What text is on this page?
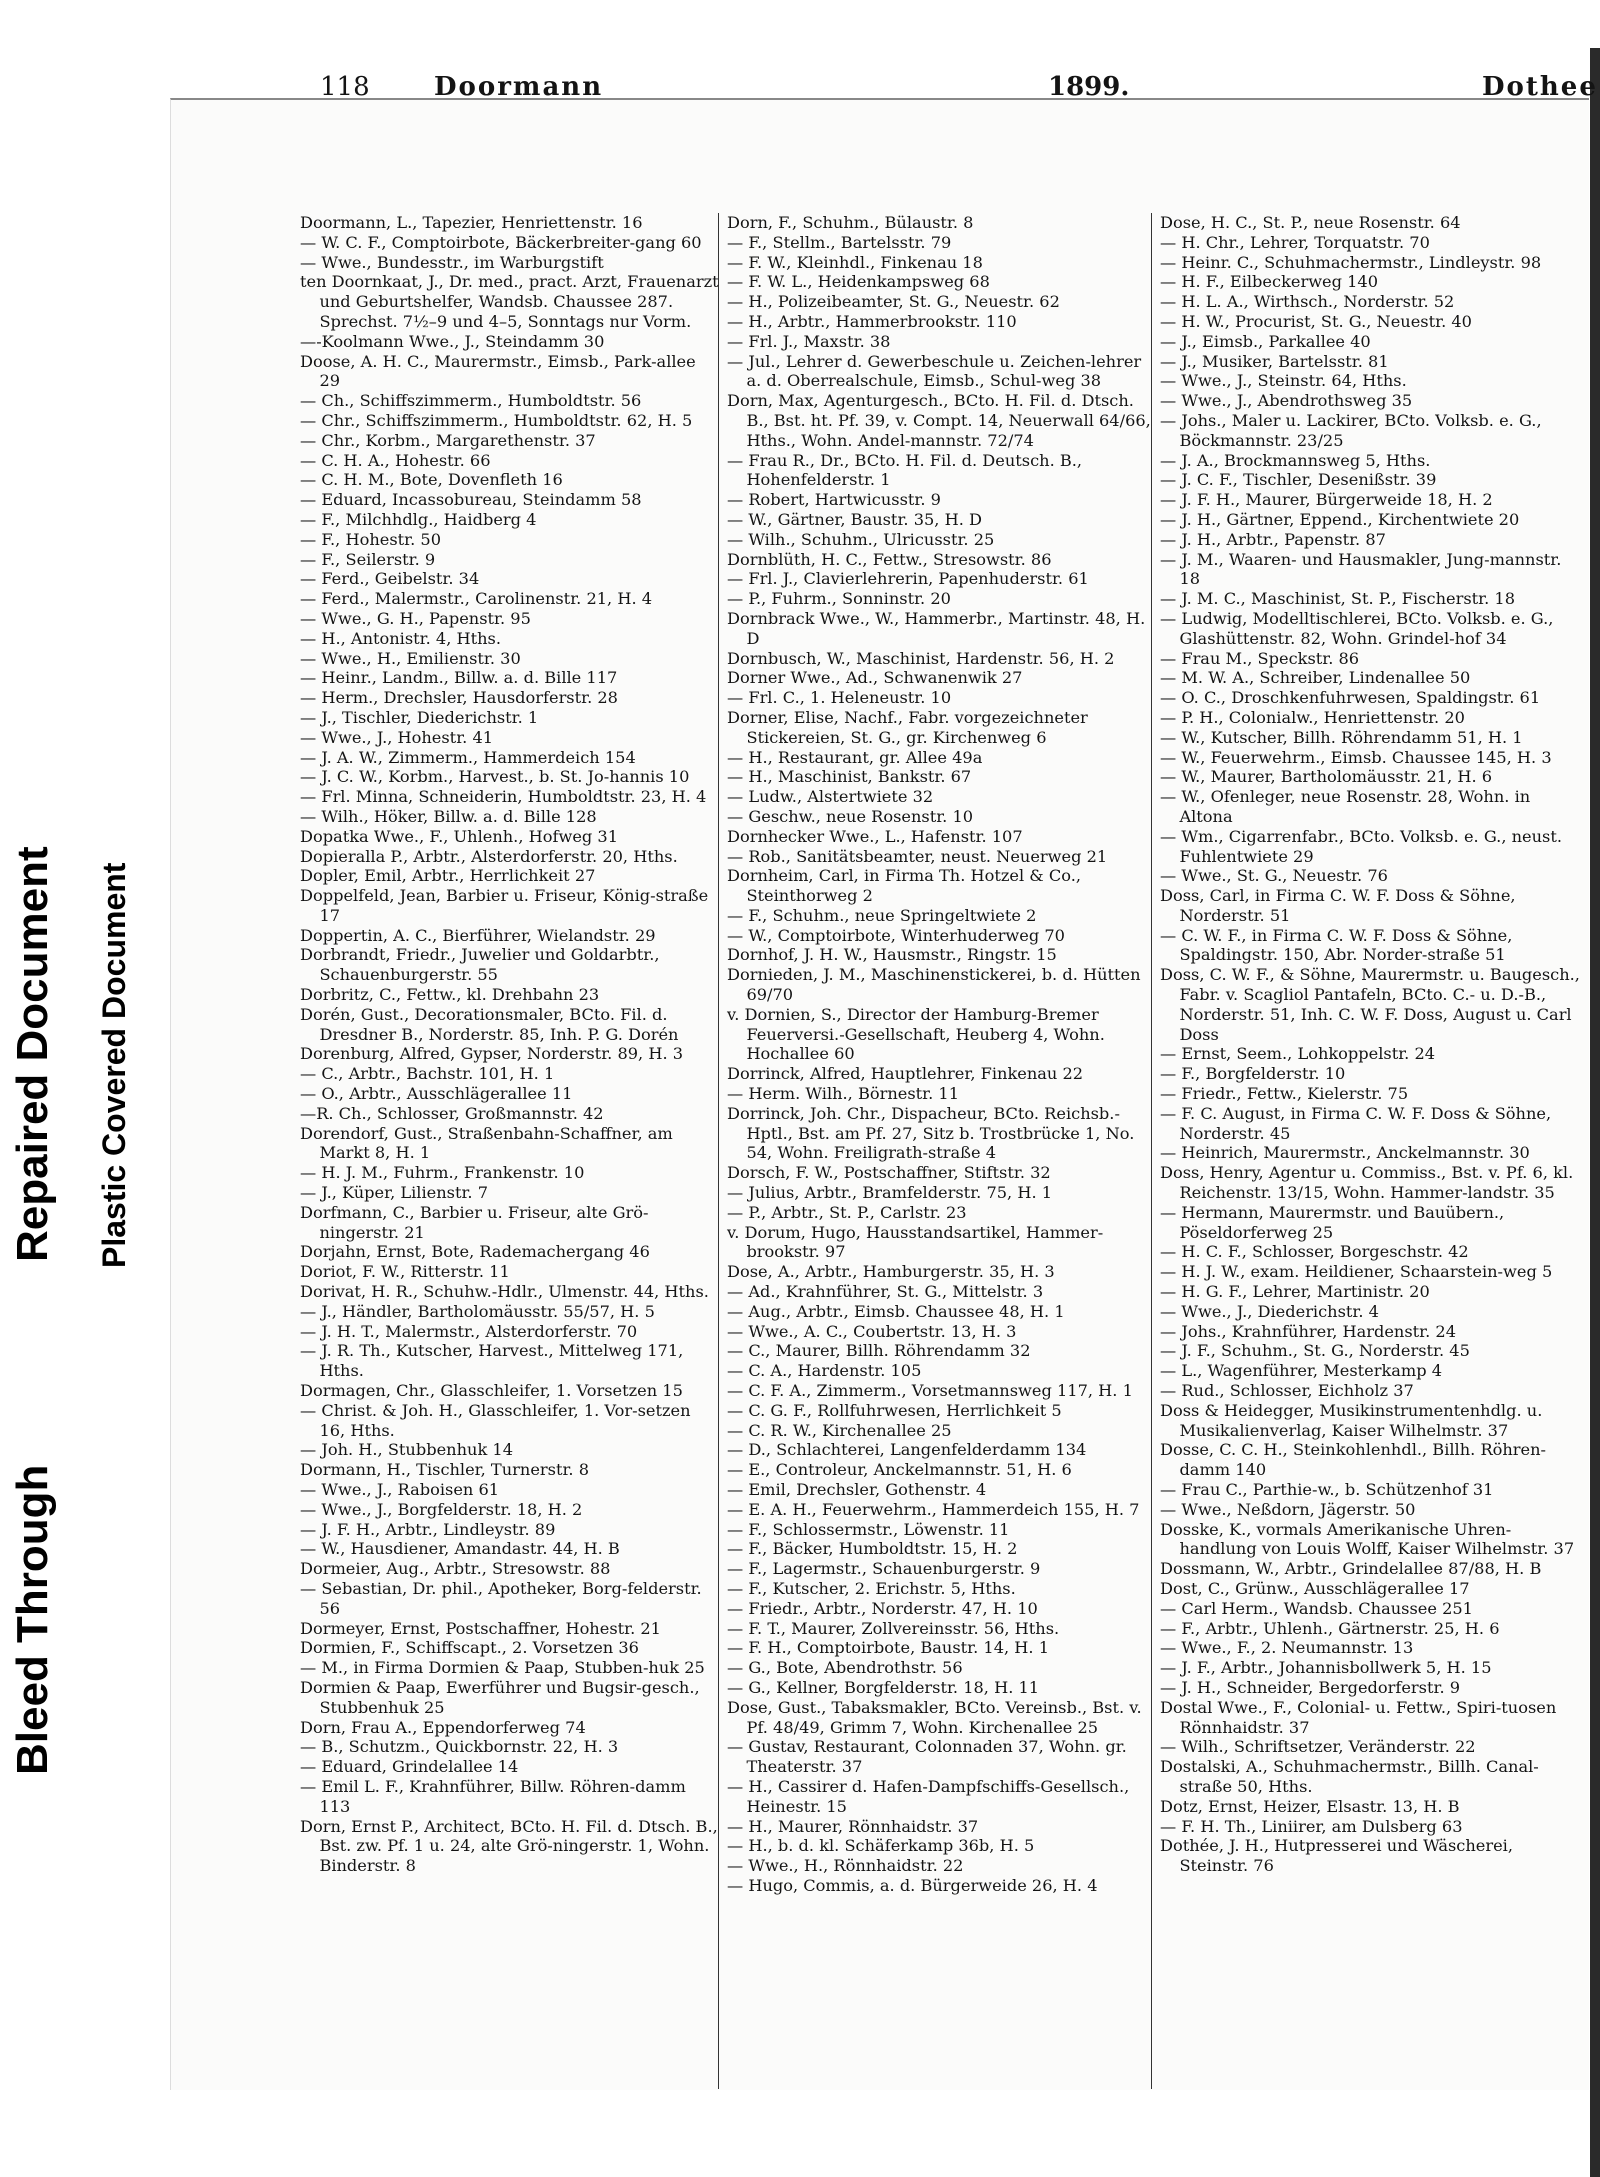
Bleed Through
Repaired Document Plastic Covered Document
118 Doormann	1899.	Dothee
Doormann, L., Tapezier, Henriettenstr. 16
— W. C. F., Comptoirbote, Bäckerbreiter-gang 60
— Wwe., Bundesstr., im Warburgstift
ten Doornkaat, J., Dr. med., pract. Arzt, Frauenarzt und Geburtshelfer, Wandsb. Chaussee 287. Sprechst. 7½–9 und 4–5, Sonntags nur Vorm.
—-Koolmann Wwe., J., Steindamm 30
Doose, A. H. C., Maurermstr., Eimsb., Park-allee 29
— Ch., Schiffszimmerm., Humboldtstr. 56
— Chr., Schiffszimmerm., Humboldtstr. 62, H. 5
— Chr., Korbm., Margarethenstr. 37
— C. H. A., Hohestr. 66
— C. H. M., Bote, Dovenfleth 16
— Eduard, Incassobureau, Steindamm 58
— F., Milchhdlg., Haidberg 4
— F., Hohestr. 50
— F., Seilerstr. 9
— Ferd., Geibelstr. 34
— Ferd., Malermstr., Carolinenstr. 21, H. 4
— Wwe., G. H., Papenstr. 95
— H., Antonistr. 4, Hths.
— Wwe., H., Emilienstr. 30
— Heinr., Landm., Billw. a. d. Bille 117
— Herm., Drechsler, Hausdorferstr. 28
— J., Tischler, Diederichstr. 1
— Wwe., J., Hohestr. 41
— J. A. W., Zimmerm., Hammerdeich 154
— J. C. W., Korbm., Harvest., b. St. Jo-hannis 10
— Frl. Minna, Schneiderin, Humboldtstr. 23, H. 4
— Wilh., Höker, Billw. a. d. Bille 128
Dopatka Wwe., F., Uhlenh., Hofweg 31
Dopieralla P., Arbtr., Alsterdorferstr. 20, Hths.
Dopler, Emil, Arbtr., Herrlichkeit 27
Doppelfeld, Jean, Barbier u. Friseur, König-straße 17
Doppertin, A. C., Bierführer, Wielandstr. 29
Dorbrandt, Friedr., Juwelier und Goldarbtr., Schauenburgerstr. 55
Dorbritz, C., Fettw., kl. Drehbahn 23
Dorén, Gust., Decorationsmaler, BCto. Fil. d. Dresdner B., Norderstr. 85, Inh. P. G. Dorén
Dorenburg, Alfred, Gypser, Norderstr. 89, H. 3
— C., Arbtr., Bachstr. 101, H. 1
— O., Arbtr., Ausschlägerallee 11
—R. Ch., Schlosser, Großmannstr. 42
Dorendorf, Gust., Straßenbahn-Schaffner, am Markt 8, H. 1
— H. J. M., Fuhrm., Frankenstr. 10
— J., Küper, Lilienstr. 7
Dorfmann, C., Barbier u. Friseur, alte Grö-ningerstr. 21
Dorjahn, Ernst, Bote, Rademachergang 46
Doriot, F. W., Ritterstr. 11
Dorivat, H. R., Schuhw.-Hdlr., Ulmenstr. 44, Hths.
— J., Händler, Bartholomäusstr. 55/57, H. 5
— J. H. T., Malermstr., Alsterdorferstr. 70
— J. R. Th., Kutscher, Harvest., Mittelweg 171, Hths.
Dormagen, Chr., Glasschleifer, 1. Vorsetzen 15
— Christ. & Joh. H., Glasschleifer, 1. Vor-setzen 16, Hths.
— Joh. H., Stubbenhuk 14
Dormann, H., Tischler, Turnerstr. 8
— Wwe., J., Raboisen 61
— Wwe., J., Borgfelderstr. 18, H. 2
— J. F. H., Arbtr., Lindleystr. 89
— W., Hausdiener, Amandastr. 44, H. B
Dormeier, Aug., Arbtr., Stresowstr. 88
— Sebastian, Dr. phil., Apotheker, Borg-felderstr. 56
Dormeyer, Ernst, Postschaffner, Hohestr. 21
Dormien, F., Schiffscapt., 2. Vorsetzen 36
— M., in Firma Dormien & Paap, Stubben-huk 25
Dormien & Paap, Ewerführer und Bugsir-gesch., Stubbenhuk 25
Dorn, Frau A., Eppendorferweg 74
— B., Schutzm., Quickbornstr. 22, H. 3
— Eduard, Grindelallee 14
— Emil L. F., Krahnführer, Billw. Röhren-damm 113
Dorn, Ernst P., Architect, BCto. H. Fil. d. Dtsch. B., Bst. zw. Pf. 1 u. 24, alte Grö-ningerstr. 1, Wohn. Binderstr. 8
Dorn, F., Schuhm., Bülaustr. 8
— F., Stellm., Bartelsstr. 79
— F. W., Kleinhdl., Finkenau 18
— F. W. L., Heidenkampsweg 68
— H., Polizeibeamter, St. G., Neuestr. 62
— H., Arbtr., Hammerbrookstr. 110
— Frl. J., Maxstr. 38
— Jul., Lehrer d. Gewerbeschule u. Zeichen-lehrer a. d. Oberrealschule, Eimsb., Schul-weg 38
Dorn, Max, Agenturgesch., BCto. H. Fil. d. Dtsch. B., Bst. ht. Pf. 39, v. Compt. 14, Neuerwall 64/66, Hths., Wohn. Andel-mannstr. 72/74
— Frau R., Dr., BCto. H. Fil. d. Deutsch. B., Hohenfelderstr. 1
— Robert, Hartwicusstr. 9
— W., Gärtner, Baustr. 35, H. D
— Wilh., Schuhm., Ulricusstr. 25
Dornblüth, H. C., Fettw., Stresowstr. 86
— Frl. J., Clavierlehrerin, Papenhuderstr. 61
— P., Fuhrm., Sonninstr. 20
Dornbrack Wwe., W., Hammerbr., Martinstr. 48, H. D
Dornbusch, W., Maschinist, Hardenstr. 56, H. 2
Dorner Wwe., Ad., Schwanenwik 27
— Frl. C., 1. Heleneustr. 10
Dorner, Elise, Nachf., Fabr. vorgezeichneter Stickereien, St. G., gr. Kirchenweg 6
— H., Restaurant, gr. Allee 49a
— H., Maschinist, Bankstr. 67
— Ludw., Alstertwiete 32
— Geschw., neue Rosenstr. 10
Dornhecker Wwe., L., Hafenstr. 107
— Rob., Sanitätsbeamter, neust. Neuerweg 21
Dornheim, Carl, in Firma Th. Hotzel & Co., Steinthorweg 2
— F., Schuhm., neue Springeltwiete 2
— W., Comptoirbote, Winterhuderweg 70
Dornhof, J. H. W., Hausmstr., Ringstr. 15
Dornieden, J. M., Maschinenstickerei, b. d. Hütten 69/70
v. Dornien, S., Director der Hamburg-Bremer Feuerversi.-Gesellschaft, Heuberg 4, Wohn. Hochallee 60
Dorrinck, Alfred, Hauptlehrer, Finkenau 22
— Herm. Wilh., Börnestr. 11
Dorrinck, Joh. Chr., Dispacheur, BCto. Reichsb.-Hptl., Bst. am Pf. 27, Sitz b. Trostbrücke 1, No. 54, Wohn. Freiligrath-straße 4
Dorsch, F. W., Postschaffner, Stiftstr. 32
— Julius, Arbtr., Bramfelderstr. 75, H. 1
— P., Arbtr., St. P., Carlstr. 23
v. Dorum, Hugo, Hausstandsartikel, Hammer-brookstr. 97
Dose, A., Arbtr., Hamburgerstr. 35, H. 3
— Ad., Krahnführer, St. G., Mittelstr. 3
— Aug., Arbtr., Eimsb. Chaussee 48, H. 1
— Wwe., A. C., Coubertstr. 13, H. 3
— C., Maurer, Billh. Röhrendamm 32
— C. A., Hardenstr. 105
— C. F. A., Zimmerm., Vorsetmannsweg 117, H. 1
— C. G. F., Rollfuhrwesen, Herrlichkeit 5
— C. R. W., Kirchenallee 25
— D., Schlachterei, Langenfelderdamm 134
— E., Controleur, Anckelmannstr. 51, H. 6
— Emil, Drechsler, Gothenstr. 4
— E. A. H., Feuerwehrm., Hammerdeich 155, H. 7
— F., Schlossermstr., Löwenstr. 11
— F., Bäcker, Humboldtstr. 15, H. 2
— F., Lagermstr., Schauenburgerstr. 9
— F., Kutscher, 2. Erichstr. 5, Hths.
— Friedr., Arbtr., Norderstr. 47, H. 10
— F. T., Maurer, Zollvereinsstr. 56, Hths.
— F. H., Comptoirbote, Baustr. 14, H. 1
— G., Bote, Abendrothstr. 56
— G., Kellner, Borgfelderstr. 18, H. 11
Dose, Gust., Tabaksmakler, BCto. Vereinsb., Bst. v. Pf. 48/49, Grimm 7, Wohn. Kirchenallee 25
— Gustav, Restaurant, Colonnaden 37, Wohn. gr. Theaterstr. 37
— H., Cassirer d. Hafen-Dampfschiffs-Gesellsch., Heinestr. 15
— H., Maurer, Rönnhaidstr. 37
— H., b. d. kl. Schäferkamp 36b, H. 5
— Wwe., H., Rönnhaidstr. 22
— Hugo, Commis, a. d. Bürgerweide 26, H. 4
Dose, H. C., St. P., neue Rosenstr. 64
— H. Chr., Lehrer, Torquatstr. 70
— Heinr. C., Schuhmachermstr., Lindleystr. 98
— H. F., Eilbeckerweg 140
— H. L. A., Wirthsch., Norderstr. 52
— H. W., Procurist, St. G., Neuestr. 40
— J., Eimsb., Parkallee 40
— J., Musiker, Bartelsstr. 81
— Wwe., J., Steinstr. 64, Hths.
— Wwe., J., Abendrothsweg 35
— Johs., Maler u. Lackirer, BCto. Volksb. e. G., Böckmannstr. 23/25
— J. A., Brockmannsweg 5, Hths.
— J. C. F., Tischler, Desenißstr. 39
— J. F. H., Maurer, Bürgerweide 18, H. 2
— J. H., Gärtner, Eppend., Kirchentwiete 20
— J. H., Arbtr., Papenstr. 87
— J. M., Waaren- und Hausmakler, Jung-mannstr. 18
— J. M. C., Maschinist, St. P., Fischerstr. 18
— Ludwig, Modelltischlerei, BCto. Volksb. e. G., Glashüttenstr. 82, Wohn. Grindel-hof 34
— Frau M., Speckstr. 86
— M. W. A., Schreiber, Lindenallee 50
— O. C., Droschkenfuhrwesen, Spaldingstr. 61
— P. H., Colonialw., Henriettenstr. 20
— W., Kutscher, Billh. Röhrendamm 51, H. 1
— W., Feuerwehrm., Eimsb. Chaussee 145, H. 3
— W., Maurer, Bartholomäusstr. 21, H. 6
— W., Ofenleger, neue Rosenstr. 28, Wohn. in Altona
— Wm., Cigarrenfabr., BCto. Volksb. e. G., neust. Fuhlentwiete 29
— Wwe., St. G., Neuestr. 76
Doss, Carl, in Firma C. W. F. Doss & Söhne, Norderstr. 51
— C. W. F., in Firma C. W. F. Doss & Söhne, Spaldingstr. 150, Abr. Norder-straße 51
Doss, C. W. F., & Söhne, Maurermstr. u. Baugesch., Fabr. v. Scagliol Pantafeln, BCto. C.- u. D.-B., Norderstr. 51, Inh. C. W. F. Doss, August u. Carl Doss
— Ernst, Seem., Lohkoppelstr. 24
— F., Borgfelderstr. 10
— Friedr., Fettw., Kielerstr. 75
— F. C. August, in Firma C. W. F. Doss & Söhne, Norderstr. 45
— Heinrich, Maurermstr., Anckelmannstr. 30
Doss, Henry, Agentur u. Commiss., Bst. v. Pf. 6, kl. Reichenstr. 13/15, Wohn. Hammer-landstr. 35
— Hermann, Maurermstr. und Bauübern., Pöseldorferweg 25
— H. C. F., Schlosser, Borgeschstr. 42
— H. J. W., exam. Heildiener, Schaarstein-weg 5
— H. G. F., Lehrer, Martinistr. 20
— Wwe., J., Diederichstr. 4
— Johs., Krahnführer, Hardenstr. 24
— J. F., Schuhm., St. G., Norderstr. 45
— L., Wagenführer, Mesterkamp 4
— Rud., Schlosser, Eichholz 37
Doss & Heidegger, Musikinstrumentenhdlg. u. Musikalienverlag, Kaiser Wilhelmstr. 37
Dosse, C. C. H., Steinkohlenhdl., Billh. Röhren-damm 140
— Frau C., Parthie-w., b. Schützenhof 31
— Wwe., Neßdorn, Jägerstr. 50
Dosske, K., vormals Amerikanische Uhren-handlung von Louis Wolff, Kaiser Wilhelmstr. 37
Dossmann, W., Arbtr., Grindelallee 87/88, H. B
Dost, C., Grünw., Ausschlägerallee 17
— Carl Herm., Wandsb. Chaussee 251
— F., Arbtr., Uhlenh., Gärtnerstr. 25, H. 6
— Wwe., F., 2. Neumannstr. 13
— J. F., Arbtr., Johannisbollwerk 5, H. 15
— J. H., Schneider, Bergedorferstr. 9
Dostal Wwe., F., Colonial- u. Fettw., Spiri-tuosen Rönnhaidstr. 37
— Wilh., Schriftsetzer, Veränderstr. 22
Dostalski, A., Schuhmachermstr., Billh. Canal-straße 50, Hths.
Dotz, Ernst, Heizer, Elsastr. 13, H. B
— F. H. Th., Liniirer, am Dulsberg 63
Dothée, J. H., Hutpresserei und Wäscherei, Steinstr. 76
